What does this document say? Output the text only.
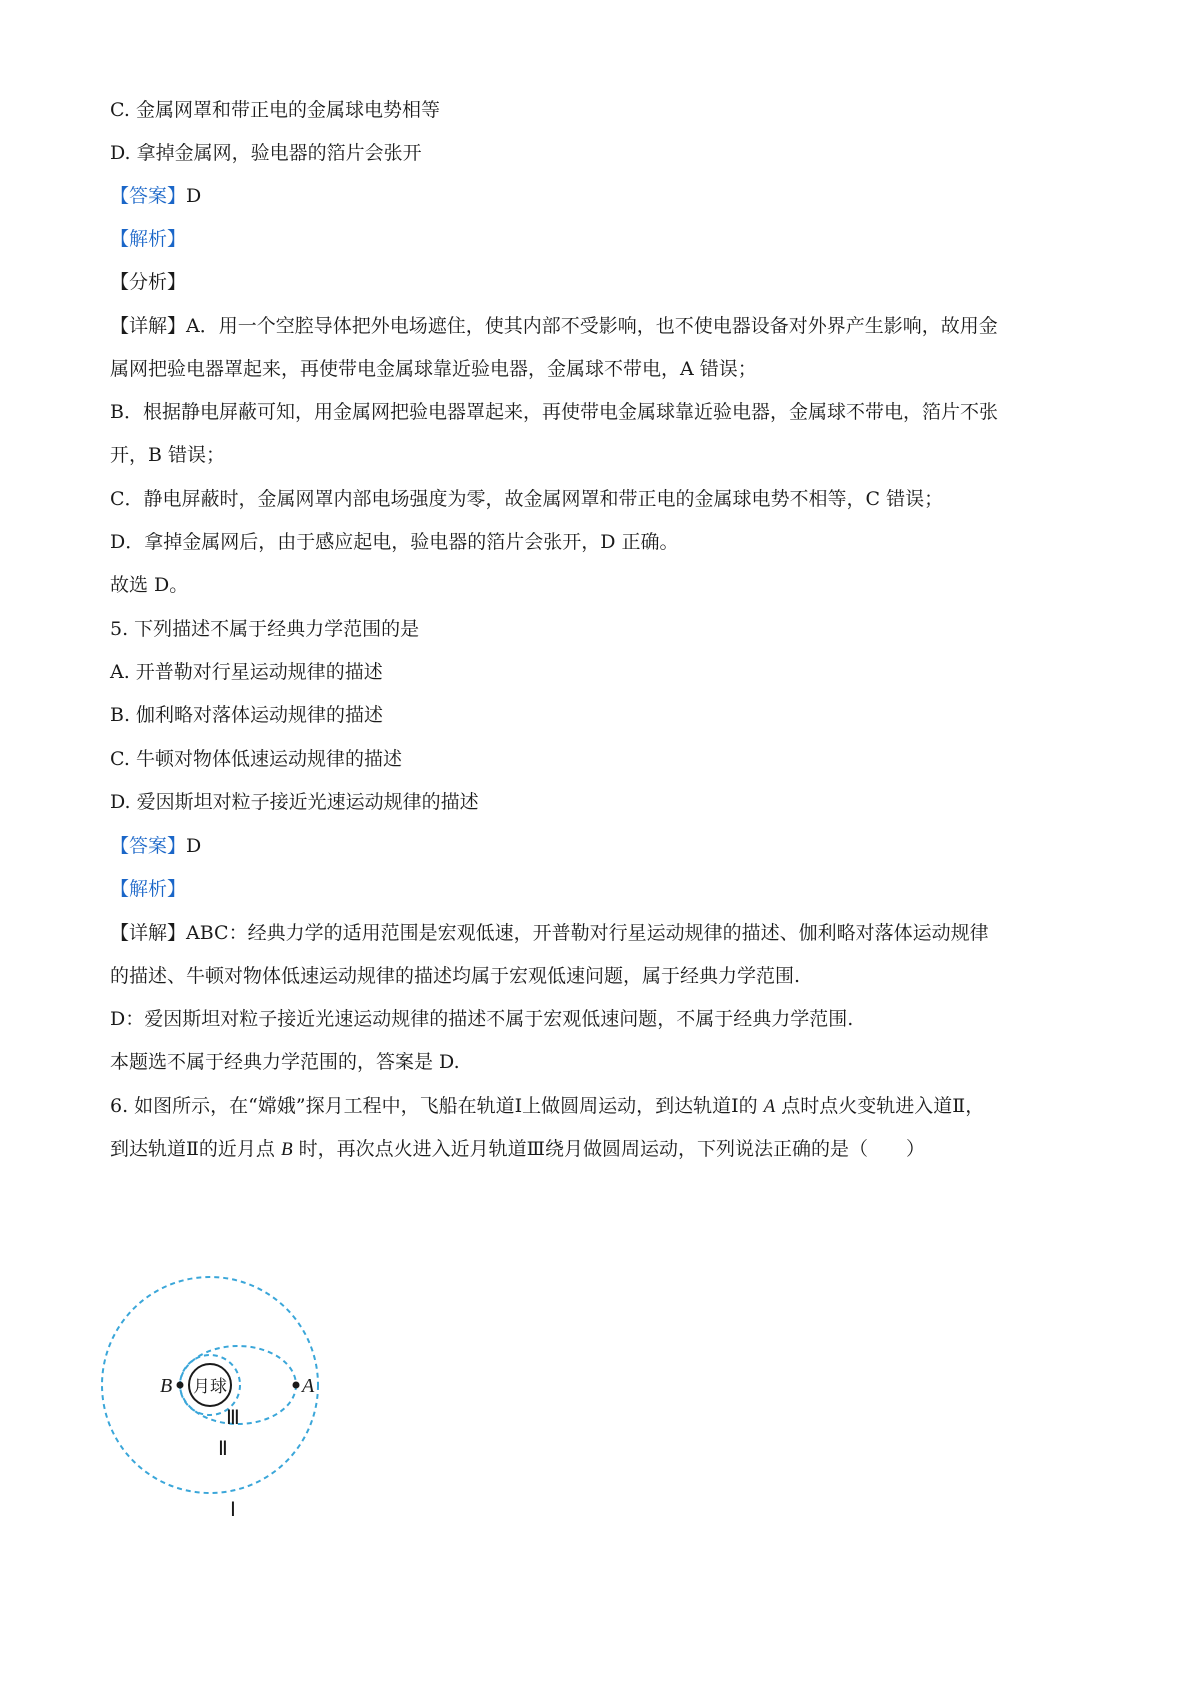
C. 金属网罩和带正电的金属球电势相等
D. 拿掉金属网，验电器的箔片会张开
【答案】D
【解析】
【分析】
【详解】A．用一个空腔导体把外电场遮住，使其内部不受影响，也不使电器设备对外界产生影响，故用金
属网把验电器罩起来，再使带电金属球靠近验电器，金属球不带电，A 错误；
B．根据静电屏蔽可知，用金属网把验电器罩起来，再使带电金属球靠近验电器，金属球不带电，箔片不张
开，B 错误；
C．静电屏蔽时，金属网罩内部电场强度为零，故金属网罩和带正电的金属球电势不相等，C 错误；
D．拿掉金属网后，由于感应起电，验电器的箔片会张开，D 正确。
故选 D。
5. 下列描述不属于经典力学范围的是
A. 开普勒对行星运动规律的描述
B. 伽利略对落体运动规律的描述
C. 牛顿对物体低速运动规律的描述
D. 爱因斯坦对粒子接近光速运动规律的描述
【答案】D
【解析】
【详解】ABC：经典力学的适用范围是宏观低速，开普勒对行星运动规律的描述、伽利略对落体运动规律
的描述、牛顿对物体低速运动规律的描述均属于宏观低速问题，属于经典力学范围.
D：爱因斯坦对粒子接近光速运动规律的描述不属于宏观低速问题，不属于经典力学范围.
本题选不属于经典力学范围的，答案是 D.
6. 如图所示，在“嫦娥”探月工程中，飞船在轨道Ⅰ上做圆周运动，到达轨道Ⅰ的 A 点时点火变轨进入道Ⅱ，
到达轨道Ⅱ的近月点 B 时，再次点火进入近月轨道Ⅲ绕月做圆周运动，下列说法正确的是（　　）
月球
B	A
Ⅲ
Ⅱ
Ⅰ
